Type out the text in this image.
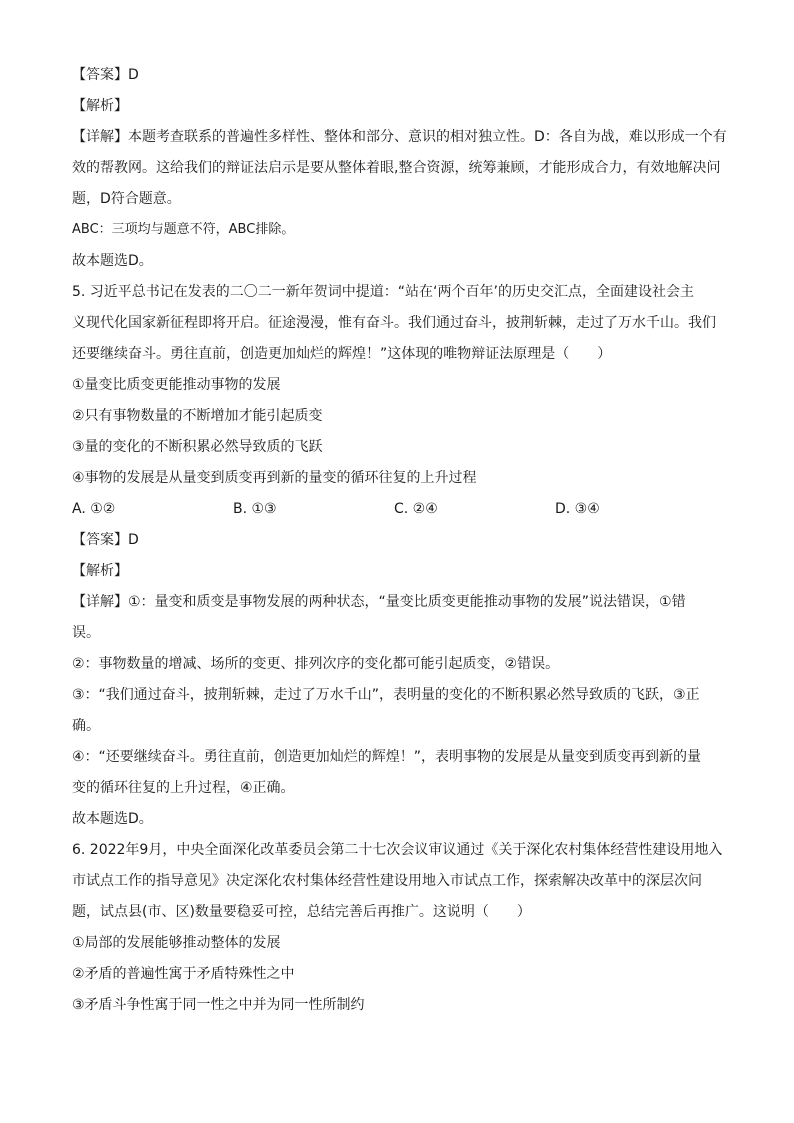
【答案】D
【解析】
【详解】本题考查联系的普遍性多样性、整体和部分、意识的相对独立性。D：各自为战，难以形成一个有
效的帮教网。这给我们的辩证法启示是要从整体着眼,整合资源，统筹兼顾，才能形成合力，有效地解决问
题，D符合题意。
ABC：三项均与题意不符，ABC排除。
故本题选D。
5. 习近平总书记在发表的二〇二一新年贺词中提道：“站在‘两个百年’的历史交汇点，全面建设社会主
义现代化国家新征程即将开启。征途漫漫，惟有奋斗。我们通过奋斗，披荆斩棘，走过了万水千山。我们
还要继续奋斗。勇往直前，创造更加灿烂的辉煌！”这体现的唯物辩证法原理是（　　）
①量变比质变更能推动事物的发展
②只有事物数量的不断增加才能引起质变
③量的变化的不断积累必然导致质的飞跃
④事物的发展是从量变到质变再到新的量变的循环往复的上升过程
A. ①②	B. ①③	C. ②④	D. ③④
【答案】D
【解析】
【详解】①：量变和质变是事物发展的两种状态，“量变比质变更能推动事物的发展”说法错误，①错
误。
②：事物数量的增减、场所的变更、排列次序的变化都可能引起质变，②错误。
③：“我们通过奋斗，披荆斩棘，走过了万水千山”，表明量的变化的不断积累必然导致质的飞跃，③正
确。
④：“还要继续奋斗。勇往直前，创造更加灿烂的辉煌！”，表明事物的发展是从量变到质变再到新的量
变的循环往复的上升过程，④正确。
故本题选D。
6. 2022年9月，中央全面深化改革委员会第二十七次会议审议通过《关于深化农村集体经营性建设用地入
市试点工作的指导意见》决定深化农村集体经营性建设用地入市试点工作，探索解决改革中的深层次问
题，试点县(市、区)数量要稳妥可控，总结完善后再推广。这说明（　　）
①局部的发展能够推动整体的发展
②矛盾的普遍性寓于矛盾特殊性之中
③矛盾斗争性寓于同一性之中并为同一性所制约
